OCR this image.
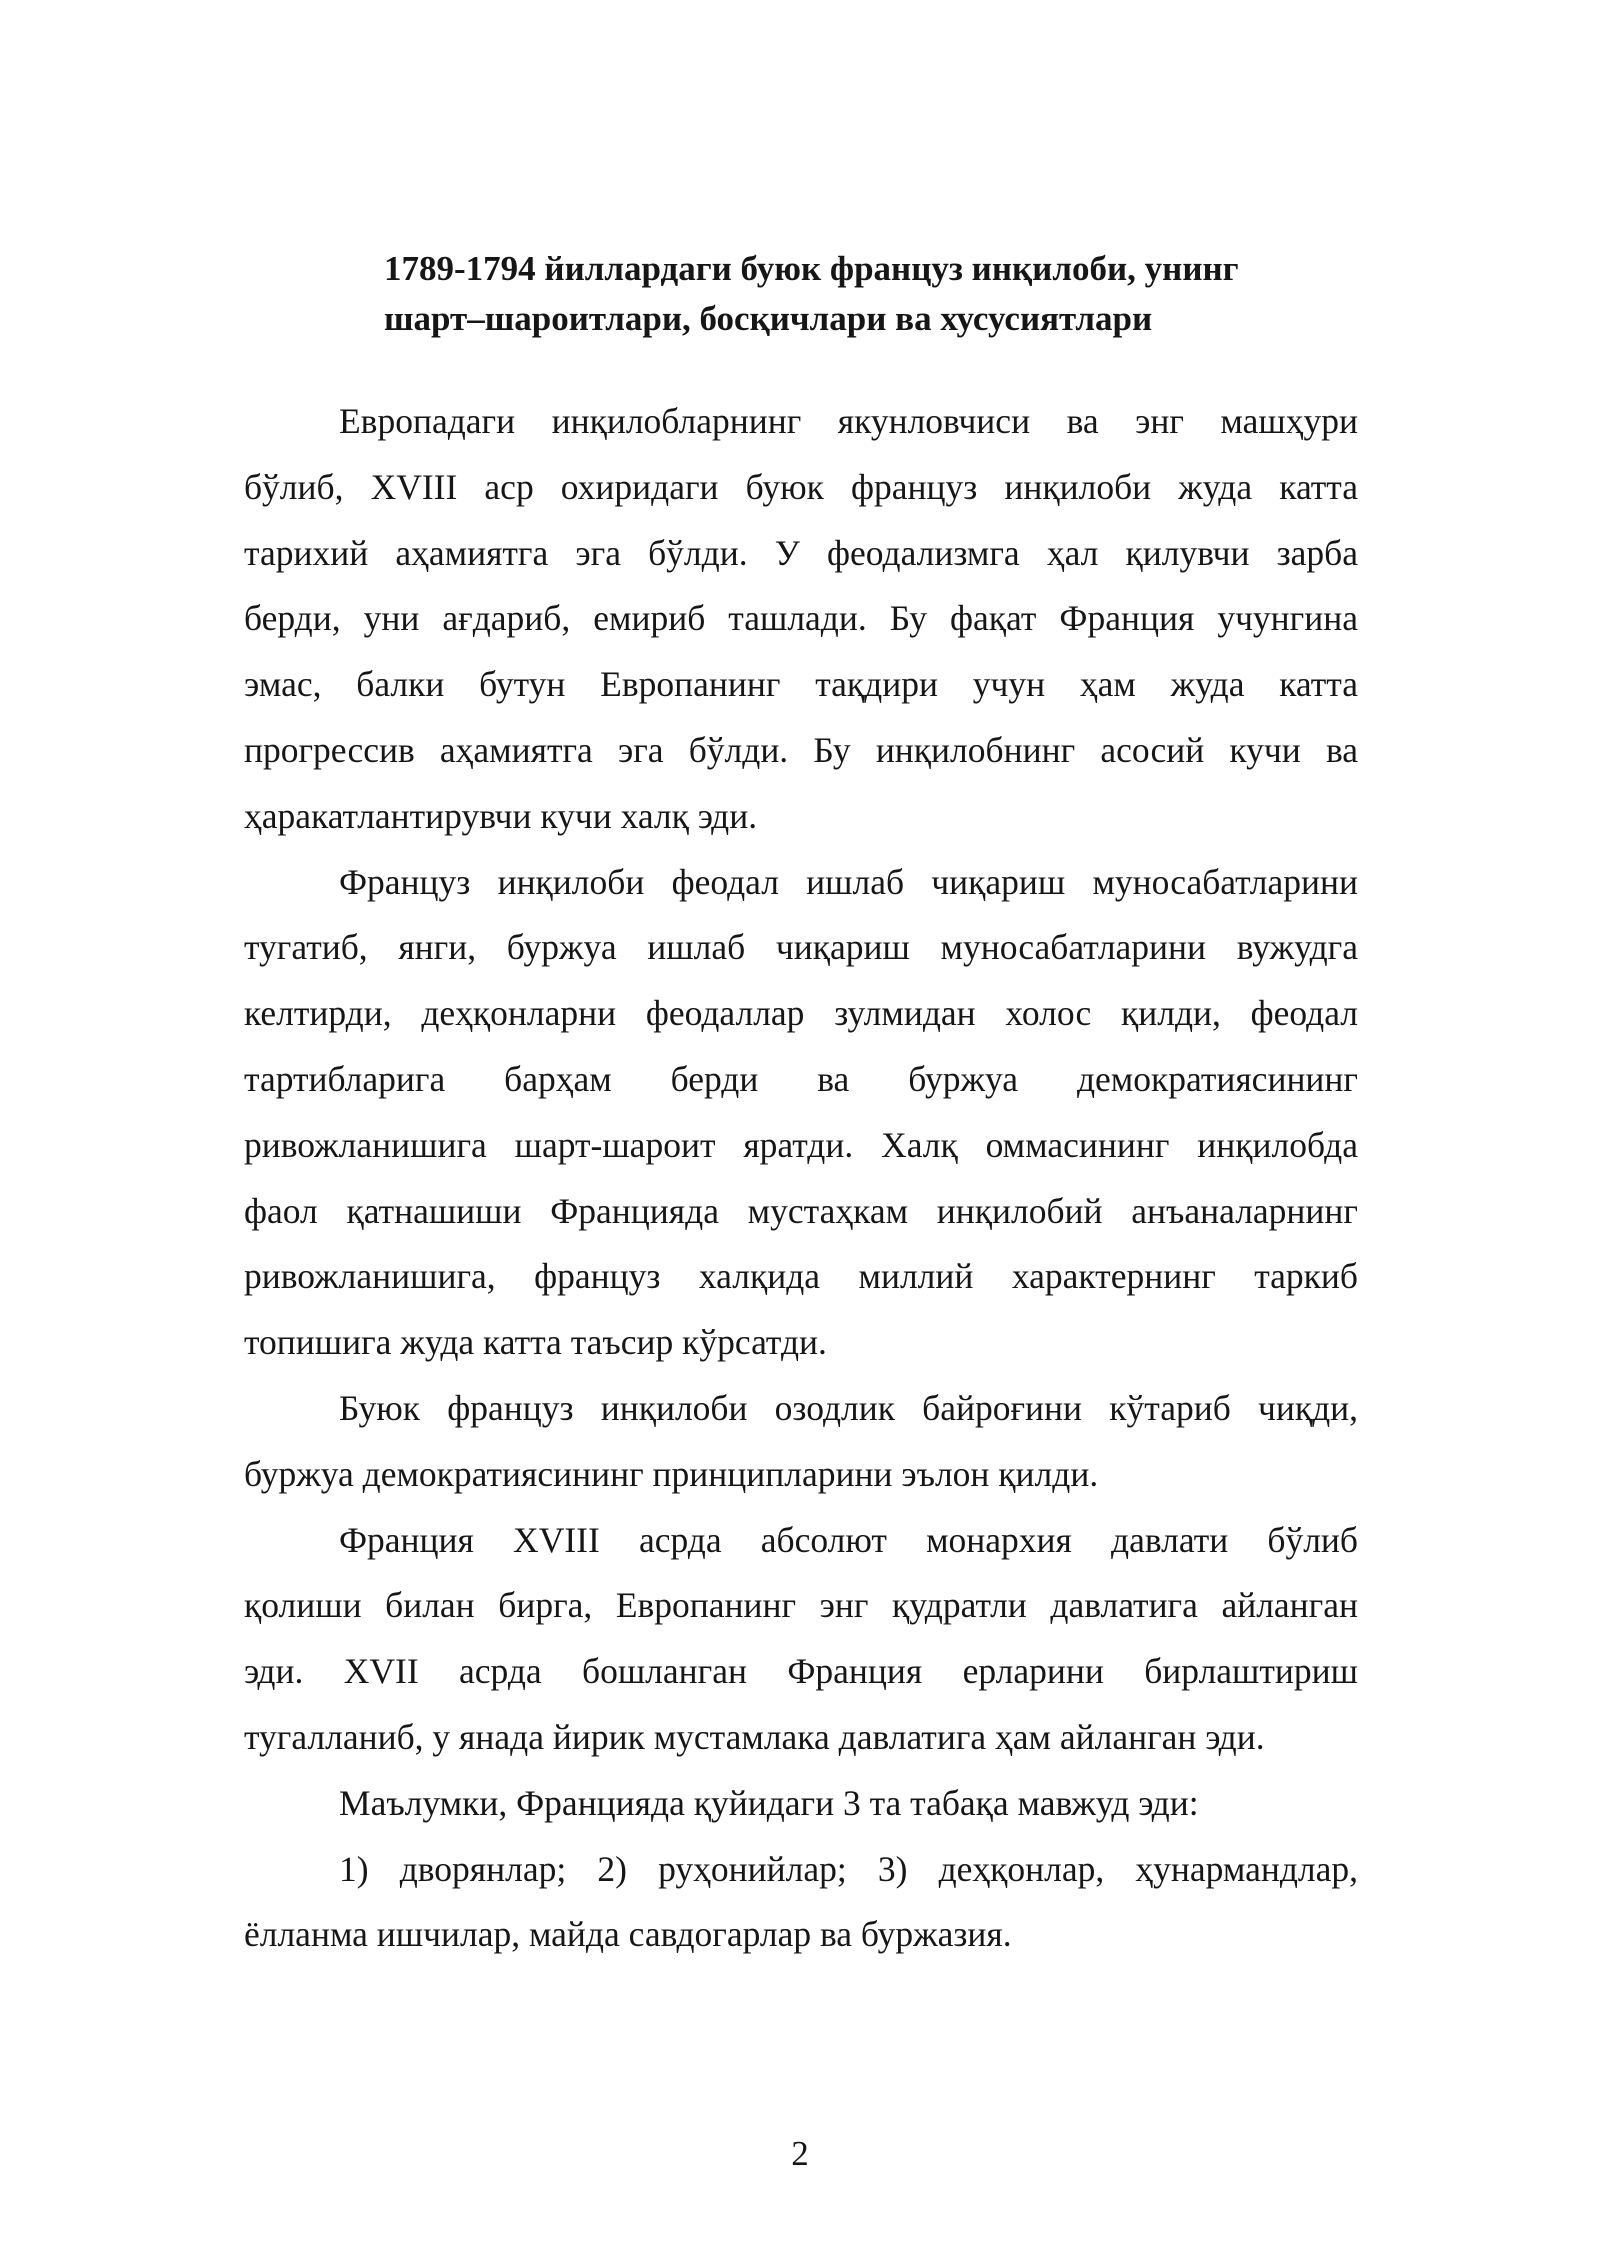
1789-1794 йиллардаги буюк француз инқилоби, унинг
шарт–шароитлари, босқичлари ва хусусиятлари

Европадаги инқилобларнинг якунловчиси ва энг машҳури
бўлиб, XVIII аср охиридаги буюк француз инқилоби жуда катта
тарихий аҳамиятга эга бўлди. У феодализмга ҳал қилувчи зарба
берди, уни ағдариб, емириб ташлади. Бу фақат Франция учунгина
эмас, балки бутун Европанинг тақдири учун ҳам жуда катта
прогрессив аҳамиятга эга бўлди. Бу инқилобнинг асосий кучи ва
ҳаракатлантирувчи кучи халқ эди.

Француз инқилоби феодал ишлаб чиқариш муносабатларини
тугатиб, янги, буржуа ишлаб чиқариш муносабатларини вужудга
келтирди, деҳқонларни феодаллар зулмидан холос қилди, феодал
тартибларига барҳам берди ва буржуа демократиясининг
ривожланишига шарт-шароит яратди. Халқ оммасининг инқилобда
фаол қатнашиши Францияда мустаҳкам инқилобий анъаналарнинг
ривожланишига, француз халқида миллий характернинг таркиб
топишига жуда катта таъсир кўрсатди.

Буюк француз инқилоби озодлик байроғини кўтариб чиқди,
буржуа демократиясининг принципларини эълон қилди.

Франция XVIII асрда абсолют монархия давлати бўлиб
қолиши билан бирга, Европанинг энг қудратли давлатига айланган
эди. XVII асрда бошланган Франция ерларини бирлаштириш
тугалланиб, у янада йирик мустамлака давлатига ҳам айланган эди.

Маълумки, Францияда қуйидаги 3 та табақа мавжуд эди:

1) дворянлар; 2) руҳонийлар; 3) деҳқонлар, ҳунармандлар,
ёлланма ишчилар, майда савдогарлар ва буржазия.

2
